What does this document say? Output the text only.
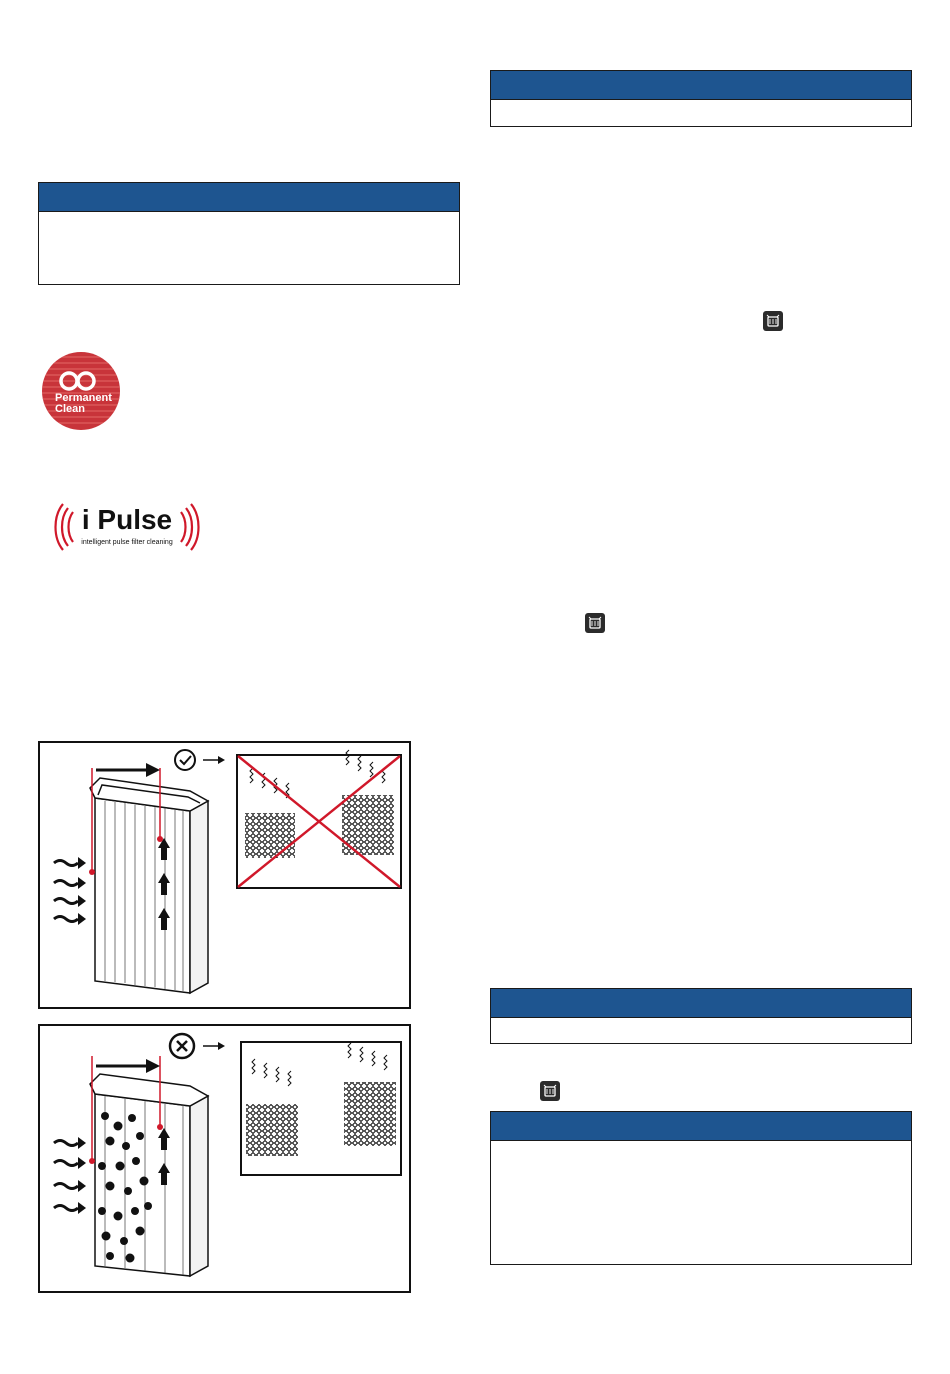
Permanent
Clean
i Pulse
intelligent pulse filter cleaning
